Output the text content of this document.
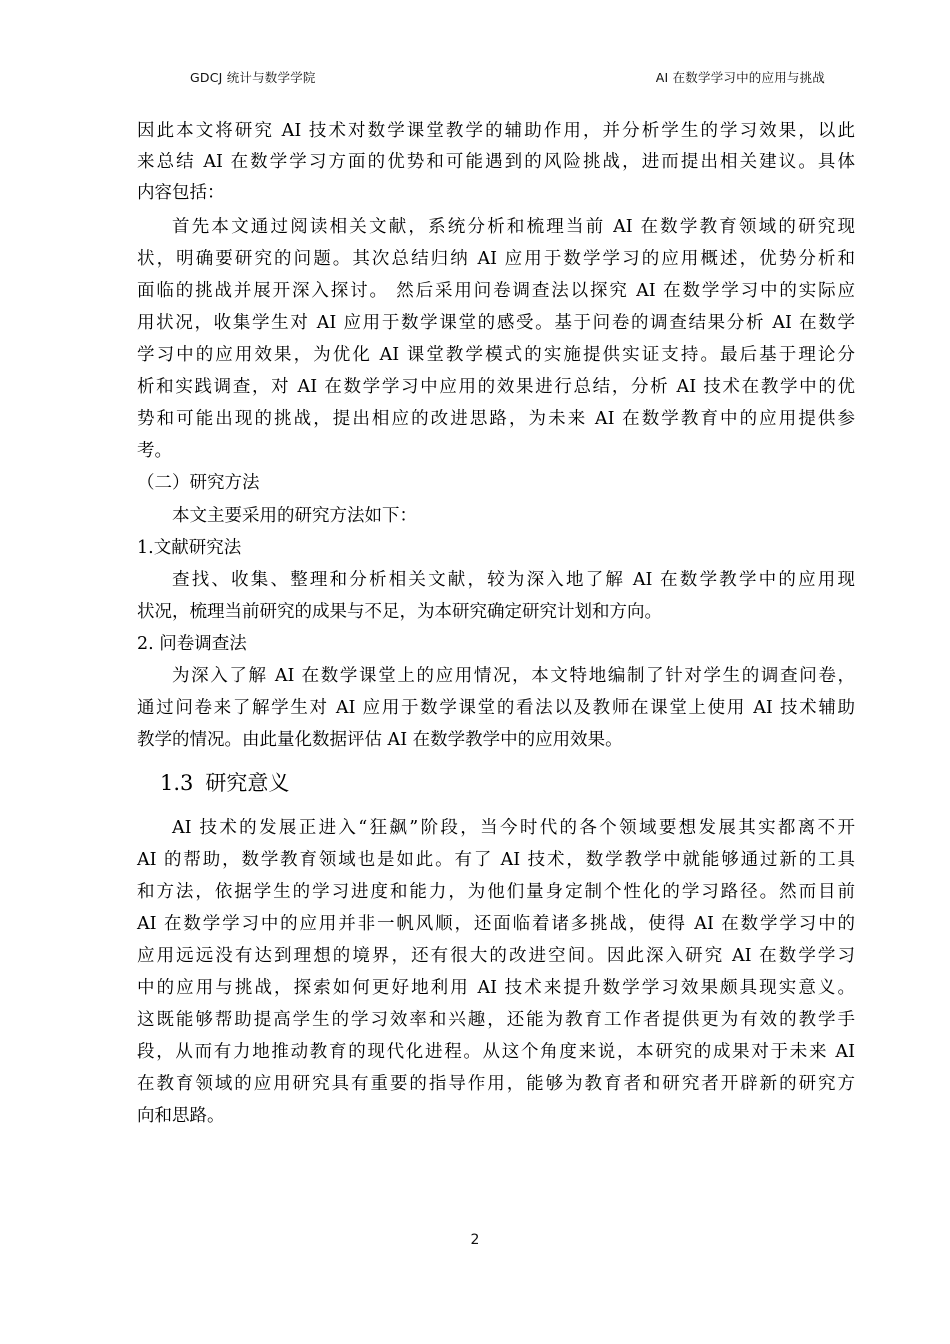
GDCJ 统计与数学学院	AI 在数学学习中的应用与挑战
因此本文将研究 AI 技术对数学课堂教学的辅助作用，并分析学生的学习效果，以此
来总结 AI 在数学学习方面的优势和可能遇到的风险挑战，进而提出相关建议。具体
内容包括：
首先本文通过阅读相关文献，系统分析和梳理当前 AI 在数学教育领域的研究现
状，明确要研究的问题。其次总结归纳 AI 应用于数学学习的应用概述，优势分析和
面临的挑战并展开深入探讨。 然后采用问卷调查法以探究 AI 在数学学习中的实际应
用状况，收集学生对 AI 应用于数学课堂的感受。基于问卷的调查结果分析 AI 在数学
学习中的应用效果，为优化 AI 课堂教学模式的实施提供实证支持。最后基于理论分
析和实践调查，对 AI 在数学学习中应用的效果进行总结，分析 AI 技术在教学中的优
势和可能出现的挑战，提出相应的改进思路，为未来 AI 在数学教育中的应用提供参
考。
（二）研究方法
本文主要采用的研究方法如下：
1.文献研究法
查找、收集、整理和分析相关文献，较为深入地了解 AI 在数学教学中的应用现
状况，梳理当前研究的成果与不足，为本研究确定研究计划和方向。
2. 问卷调查法
为深入了解 AI 在数学课堂上的应用情况，本文特地编制了针对学生的调查问卷，
通过问卷来了解学生对 AI 应用于数学课堂的看法以及教师在课堂上使用 AI 技术辅助
教学的情况。由此量化数据评估 AI 在数学教学中的应用效果。
1.3 研究意义
AI 技术的发展正进入“狂飙”阶段，当今时代的各个领域要想发展其实都离不开
AI 的帮助，数学教育领域也是如此。有了 AI 技术，数学教学中就能够通过新的工具
和方法，依据学生的学习进度和能力，为他们量身定制个性化的学习路径。然而目前
AI 在数学学习中的应用并非一帆风顺，还面临着诸多挑战，使得 AI 在数学学习中的
应用远远没有达到理想的境界，还有很大的改进空间。因此深入研究 AI 在数学学习
中的应用与挑战，探索如何更好地利用 AI 技术来提升数学学习效果颇具现实意义。
这既能够帮助提高学生的学习效率和兴趣，还能为教育工作者提供更为有效的教学手
段，从而有力地推动教育的现代化进程。从这个角度来说，本研究的成果对于未来 AI
在教育领域的应用研究具有重要的指导作用，能够为教育者和研究者开辟新的研究方
向和思路。
2
